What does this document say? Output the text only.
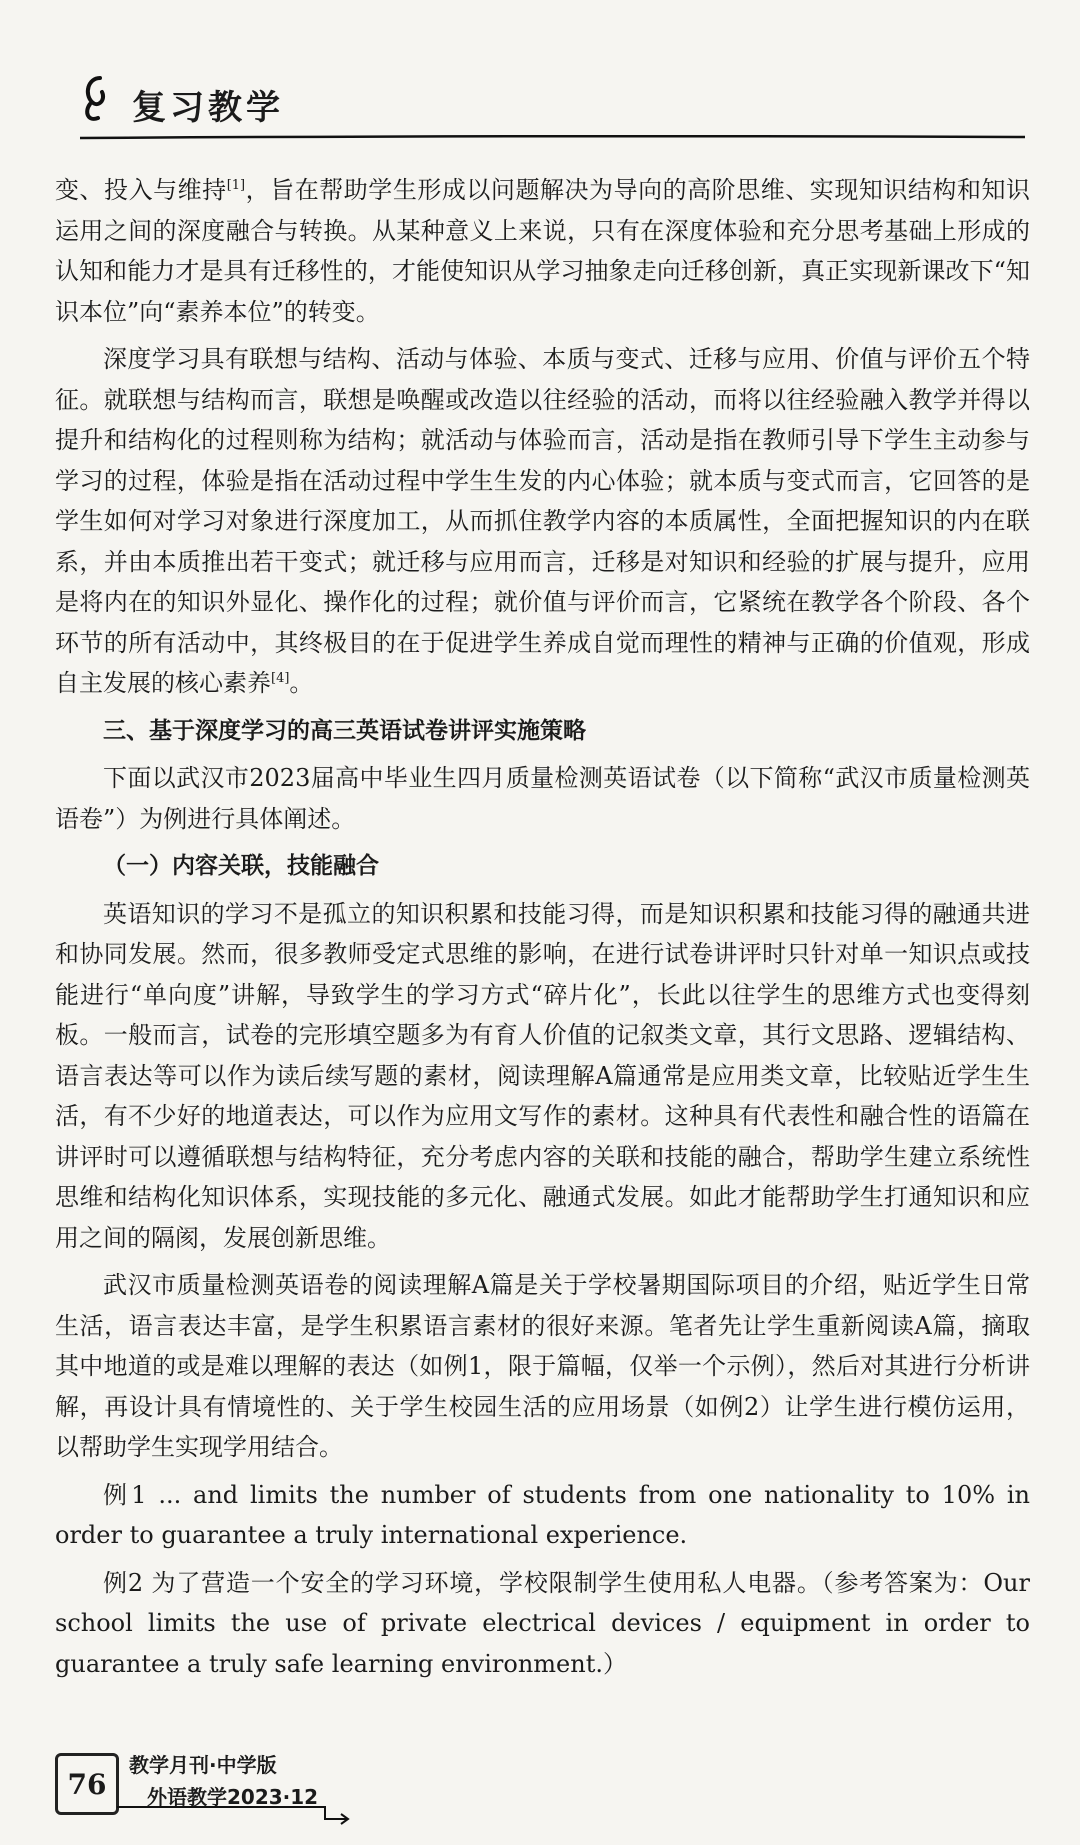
复习教学

变、投入与维持[1]，旨在帮助学生形成以问题解决为导向的高阶思维、实现知识结构和知识运用之间的深度融合与转换。从某种意义上来说，只有在深度体验和充分思考基础上形成的认知和能力才是具有迁移性的，才能使知识从学习抽象走向迁移创新，真正实现新课改下“知识本位”向“素养本位”的转变。

深度学习具有联想与结构、活动与体验、本质与变式、迁移与应用、价值与评价五个特征。就联想与结构而言，联想是唤醒或改造以往经验的活动，而将以往经验融入教学并得以提升和结构化的过程则称为结构；就活动与体验而言，活动是指在教师引导下学生主动参与学习的过程，体验是指在活动过程中学生生发的内心体验；就本质与变式而言，它回答的是学生如何对学习对象进行深度加工，从而抓住教学内容的本质属性，全面把握知识的内在联系，并由本质推出若干变式；就迁移与应用而言，迁移是对知识和经验的扩展与提升，应用是将内在的知识外显化、操作化的过程；就价值与评价而言，它紧统在教学各个阶段、各个环节的所有活动中，其终极目的在于促进学生养成自觉而理性的精神与正确的价值观，形成自主发展的核心素养[4]。

三、基于深度学习的高三英语试卷讲评实施策略

下面以武汉市2023届高中毕业生四月质量检测英语试卷（以下简称“武汉市质量检测英语卷”）为例进行具体阐述。

（一）内容关联，技能融合

英语知识的学习不是孤立的知识积累和技能习得，而是知识积累和技能习得的融通共进和协同发展。然而，很多教师受定式思维的影响，在进行试卷讲评时只针对单一知识点或技能进行“单向度”讲解，导致学生的学习方式“碎片化”，长此以往学生的思维方式也变得刻板。一般而言，试卷的完形填空题多为有育人价值的记叙类文章，其行文思路、逻辑结构、语言表达等可以作为读后续写题的素材，阅读理解A篇通常是应用类文章，比较贴近学生生活，有不少好的地道表达，可以作为应用文写作的素材。这种具有代表性和融合性的语篇在讲评时可以遵循联想与结构特征，充分考虑内容的关联和技能的融合，帮助学生建立系统性思维和结构化知识体系，实现技能的多元化、融通式发展。如此才能帮助学生打通知识和应用之间的隔阂，发展创新思维。

武汉市质量检测英语卷的阅读理解A篇是关于学校暑期国际项目的介绍，贴近学生日常生活，语言表达丰富，是学生积累语言素材的很好来源。笔者先让学生重新阅读A篇，摘取其中地道的或是难以理解的表达（如例1，限于篇幅，仅举一个示例），然后对其进行分析讲解，再设计具有情境性的、关于学生校园生活的应用场景（如例2）让学生进行模仿运用，以帮助学生实现学用结合。

例1 ... and limits the number of students from one nationality to 10% in order to guarantee a truly international experience.

例2 为了营造一个安全的学习环境，学校限制学生使用私人电器。（参考答案为：Our school limits the use of private electrical devices / equipment in order to guarantee a truly safe learning environment.）

76
教学月刊·中学版
外语教学2023·12
